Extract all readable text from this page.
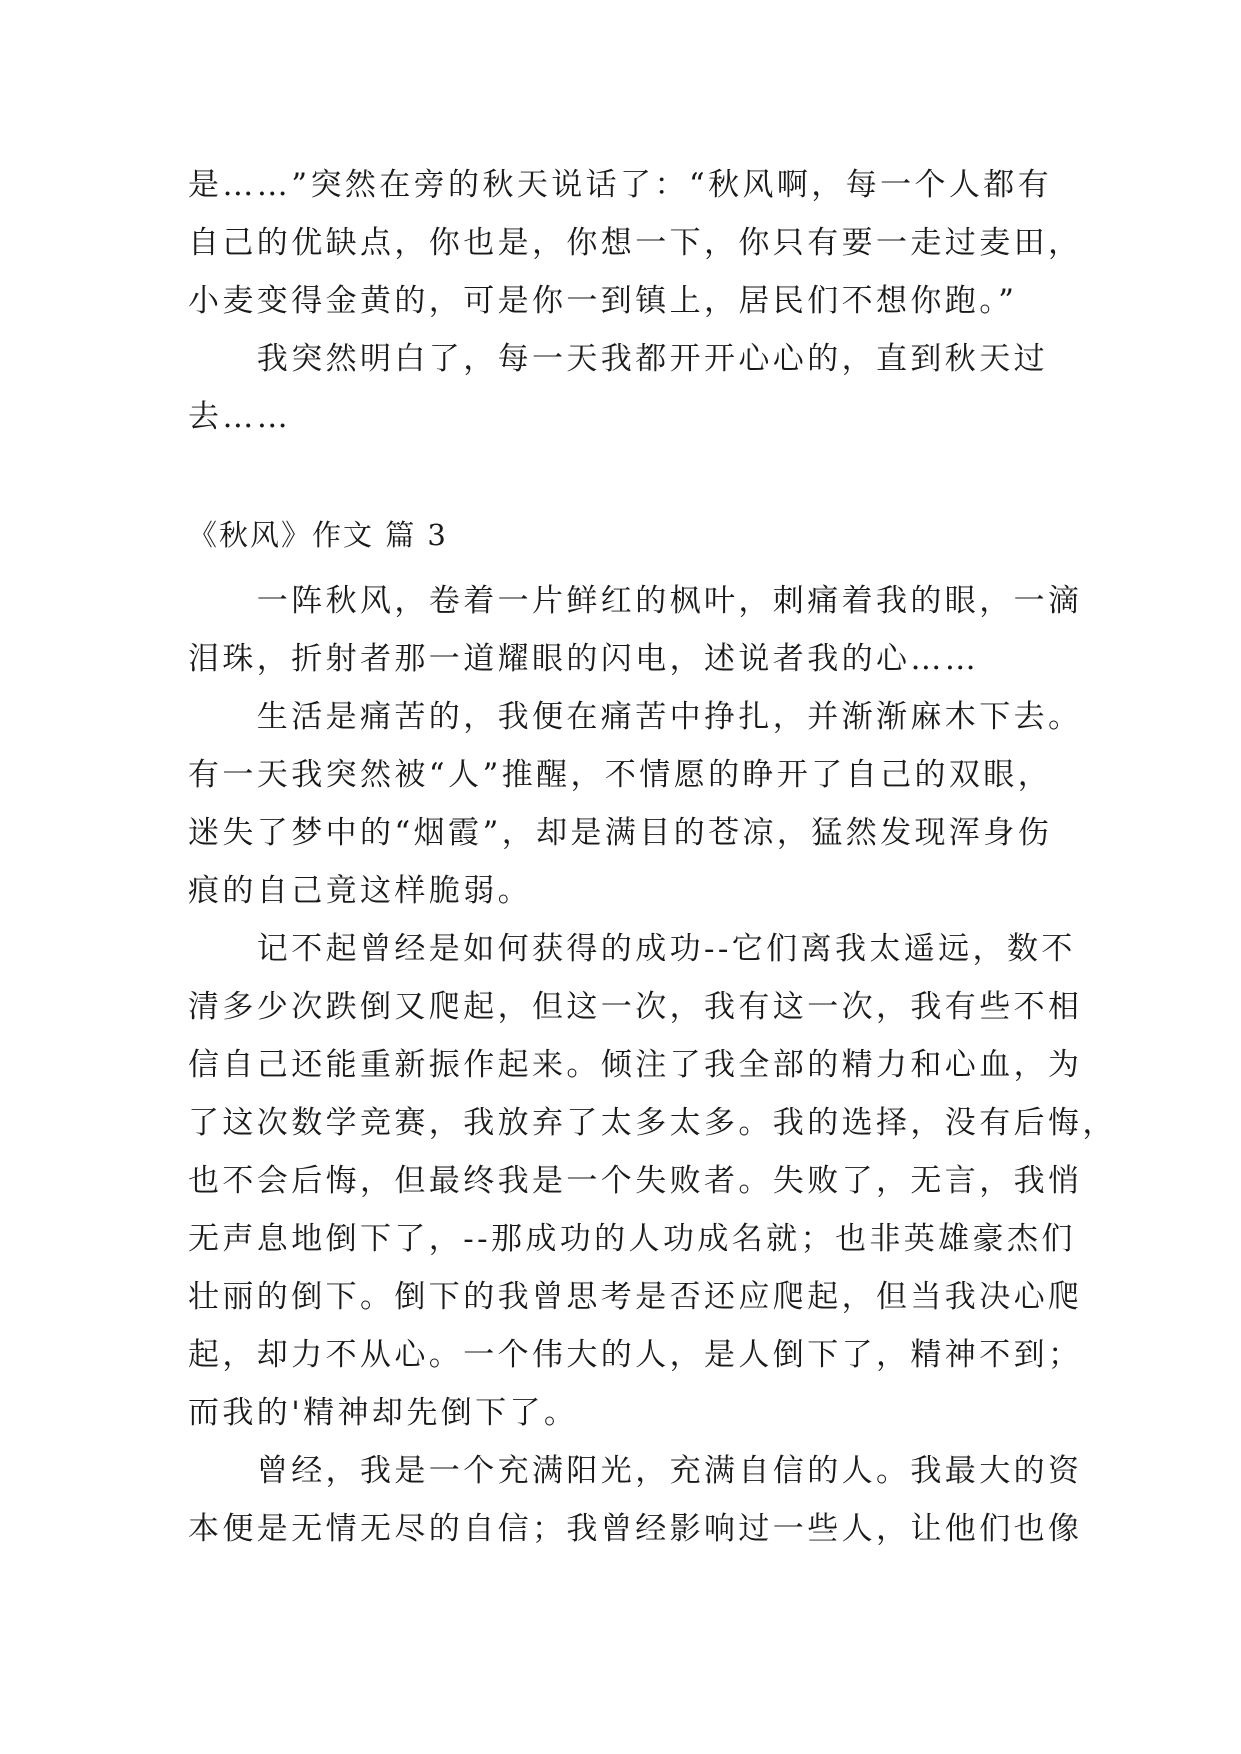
是……”突然在旁的秋天说话了：“秋风啊，每一个人都有
自己的优缺点，你也是，你想一下，你只有要一走过麦田，
小麦变得金黄的，可是你一到镇上，居民们不想你跑。”
　　我突然明白了，每一天我都开开心心的，直到秋天过
去……
《秋风》作文 篇 3
　　一阵秋风，卷着一片鲜红的枫叶，刺痛着我的眼，一滴
泪珠，折射者那一道耀眼的闪电，述说者我的心……
　　生活是痛苦的，我便在痛苦中挣扎，并渐渐麻木下去。
有一天我突然被“人”推醒，不情愿的睁开了自己的双眼，
迷失了梦中的“烟霞”，却是满目的苍凉，猛然发现浑身伤
痕的自己竟这样脆弱。
　　记不起曾经是如何获得的成功--它们离我太遥远，数不
清多少次跌倒又爬起，但这一次，我有这一次，我有些不相
信自己还能重新振作起来。倾注了我全部的精力和心血，为
了这次数学竞赛，我放弃了太多太多。我的选择，没有后悔，
也不会后悔，但最终我是一个失败者。失败了，无言，我悄
无声息地倒下了，--那成功的人功成名就；也非英雄豪杰们
壮丽的倒下。倒下的我曾思考是否还应爬起，但当我决心爬
起，却力不从心。一个伟大的人，是人倒下了，精神不到；
而我的'精神却先倒下了。
　　曾经，我是一个充满阳光，充满自信的人。我最大的资
本便是无情无尽的自信；我曾经影响过一些人，让他们也像
